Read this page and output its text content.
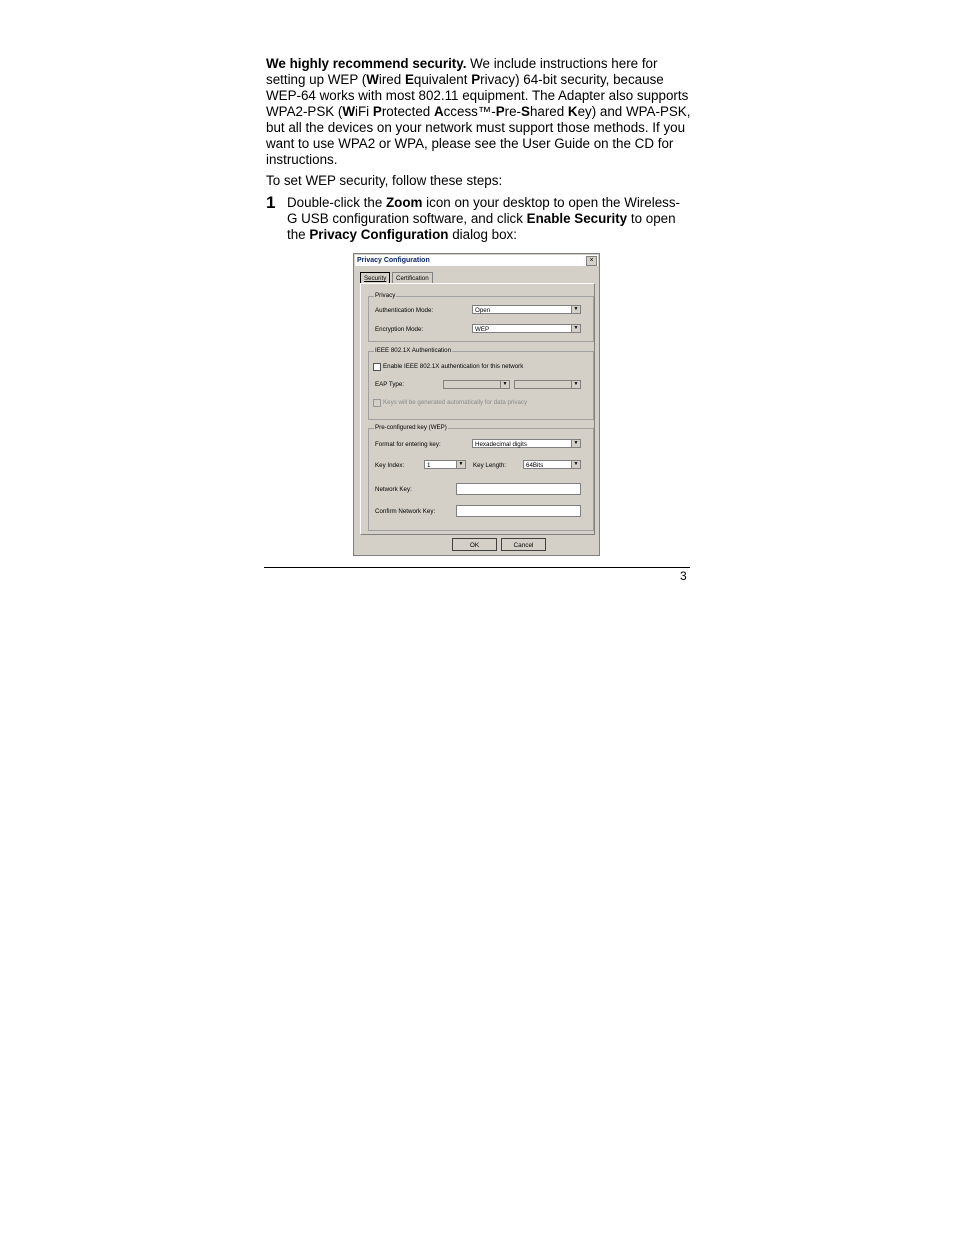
We highly recommend security. We include instructions here for setting up WEP (Wired Equivalent Privacy) 64-bit security, because WEP-64 works with most 802.11 equipment. The Adapter also supports WPA2-PSK (WiFi Protected Access™-Pre-Shared Key) and WPA-PSK, but all the devices on your network must support those methods. If you want to use WPA2 or WPA, please see the User Guide on the CD for instructions.
To set WEP security, follow these steps:
1 Double-click the Zoom icon on your desktop to open the Wireless-G USB configuration software, and click Enable Security to open the Privacy Configuration dialog box:
Privacy Configuration	×
Security	Certification
Privacy
Authentication Mode:	Open	▼
Encryption Mode:	WEP	▼
IEEE 802.1X Authentication
Enable IEEE 802.1X authentication for this network
EAP Type:	▼	▼
Keys will be generated automatically for data privacy
Pre-configured key (WEP)
Format for entering key:	Hexadecimal digits	▼
Key Index:	1	▼ Key Length:	64Bits	▼
Network Key:
Confirm Network Key:
OK	Cancel
3
